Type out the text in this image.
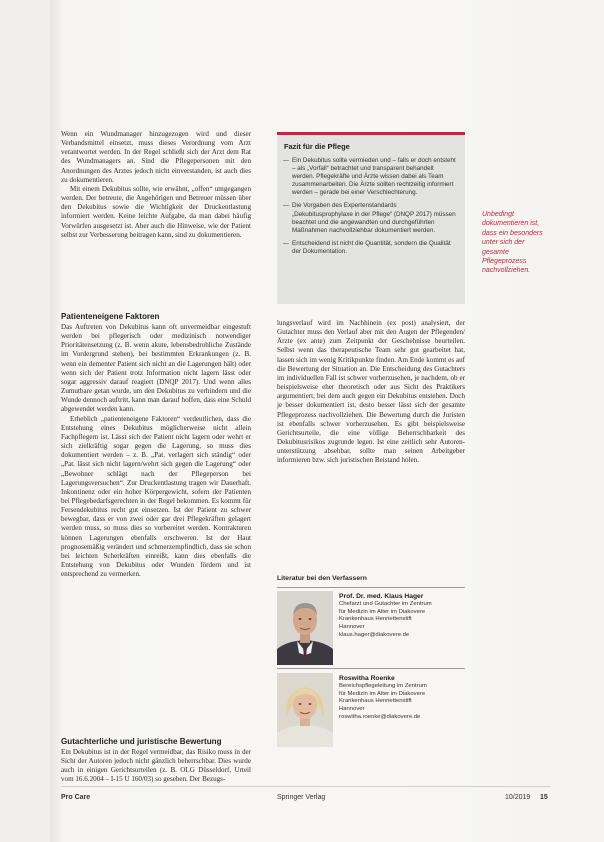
Wenn ein Wundmanager hinzugezogen wird und dieser Verbandsmittel einsetzt, muss dieses Verordnung vom Arzt verantwortet werden. In der Regel schließt sich der Arzt dem Rat des Wundmanagers an. Sind die Pflegepersonen mit den Anordnungen des Arztes jedoch nicht einverstanden, ist auch dies zu dokumentieren.

Mit einem Dekubitus sollte, wie erwähnt, „offen“ umgegangen werden. Der betreute, die Angehörigen und Betreuer müssen über den Dekubitus sowie die Wichtigkeit der Druckentlastung informiert werden. Keine leichte Aufgabe, da man dabei häufig Vorwürfen ausgesetzt ist. Aber auch die Hinweise, wie der Patient selbst zur Verbesserung beitragen kann, sind zu dokumentieren.

Patienteneigene Faktoren

Das Auftreten von Dekubitus kann oft unvermeidbar eingestuft werden bei pflegerisch oder medizinisch notwendiger Prioritätensetzung (z. B. wenn akute, lebensbedrohliche Zustände im Vordergrund stehen), bei bestimmten Erkrankungen (z. B. wenn ein dementer Patient sich nicht an die Lagerungen hält) oder wenn sich der Patient trotz Information nicht lagern lässt oder sogar aggressiv darauf reagiert (DNQP 2017). Und wenn alles Zumutbare getan wurde, um den Dekubitus zu verhindern und die Wunde dennoch auftritt, kann man darauf hoffen, dass eine Schuld abgewendet werden kann.

Erheblich „patienteneigene Faktoren“ verdeutlichen, dass die Entstehung eines Dekubitus möglicherweise nicht allein Fachpflegern ist. Lässt sich der Patient nicht lagern oder wehrt er sich zielkräftig sogar gegen die Lagerung, so muss dies dokumentiert werden – z. B. „Pat. verlagert sich ständig“ oder „Pat. lässt sich nicht lagern/wehrt sich gegen die Lagerung“ oder „Bewohner schlägt nach der Pflegeperson bei Lagerungsversuchen“. Zur Druckentlastung tragen wir Dauerhaft. Inkontinenz oder ein hoher Körpergewicht, sofern der Patienten bei Pflegebedarfsgerechten in der Regel bekommen. Es kommt für Fersendekubitus recht gut einsetzen. Ist der Patient zu schwer bewegbar, dass er von zwei oder gar drei Pflegekräften gelagert werden muss, so muss dies so vorbereitet werden. Kontrakturen können Lagerungen ebenfalls erschweren. Ist der Haut prognosemäßig verändert und schmerzempfindlich, dass sie schon bei leichten Scherkräften einreißt, kann dies ebenfalls die Entstehung von Dekubitus oder Wunden fördern und ist entsprechend zu vermerken.

Gutachterliche und juristische Bewertung

Ein Dekubitus ist in der Regel vermeidbar, das Risiko muss in der Sicht der Autoren jedoch nicht gänzlich beherrschbar. Dies wurde auch in einigen Gerichtsurteilen (z. B. OLG Düsseldorf, Urteil vom 16.6.2004 – I-15 U 160/03) so gesehen. Der Bezugs-

Fazit für die Pflege
— Ein Dekubitus sollte vermieden und – falls er doch entsteht – als „Vorfall“ betrachtet und transparent behandelt werden. Pflegekräfte und Ärzte wissen dabei als Team zusammenarbeiten. Die Ärzte sollten rechtzeitig informiert werden – gerade bei einer Verschlechterung.
— Die Vorgaben des Expertenstandards „Dekubitusprophylaxe in der Pflege“ (DNQP 2017) müssen beachtet und die angewandten und durchgeführten Maßnahmen nachvollziehbar dokumentiert werden.
— Entscheidend ist nicht die Quantität, sondern die Qualität der Dokumentation.
Unbedingt dokumentieren ist, dass ein besonders unter sich der gesamte Pflegeprozess nachvollziehen.

lungsverlauf wird im Nachhinein (ex post) analysiert, der Gutachter muss den Verlauf aber mit den Augen der Pflegenden/Ärzte (ex ante) zum Zeitpunkt der Geschehnisse beurteilen. Selbst wenn das therapeutische Team sehr gut gearbeitet hat, lassen sich im wenig Kritikpunkte finden. Am Ende kommt es auf die Bewertung der Situation an. Die Entscheidung des Gutachters im individuellen Fall ist schwer vorherzusehen, je nachdem, ob er beispielsweise eher theoretisch oder aus Sicht des Praktikers argumentiert, bei dem auch gegen ein Dekubitus entstehen. Doch je besser dokumentiert ist, desto besser lässt sich der gesamte Pflegeprozess nachvollziehen. Die Bewertung durch die Juristen ist ebenfalls schwer vorherzusehen. Es gibt beispielsweise Gerichtsurteile, die eine völlige Beherrschbarkeit des Dekubitusrisikos zugrunde legen. Ist eine zeitlich sehr Autoren-unterstützung absehbar, sollte man seinen Arbeitgeber informieren bzw. sich juristischen Beistand holen.

Literatur bei den Verfassern
Prof. Dr. med. Klaus Hager
Chefarzt und Gutachter im Zentrum
für Medizin im Alter im Diakovere
Krankenhaus Henriettenstift
Hannover
klaus.hager@diakovere.de
Roswitha Roenke
Bereichspflegeleitung im Zentrum
für Medizin im Alter im Diakovere
Krankenhaus Henriettenstift
Hannover
roswitha.roenke@diakovere.de
Pro Care	Springer Verlag	10/2019 15
